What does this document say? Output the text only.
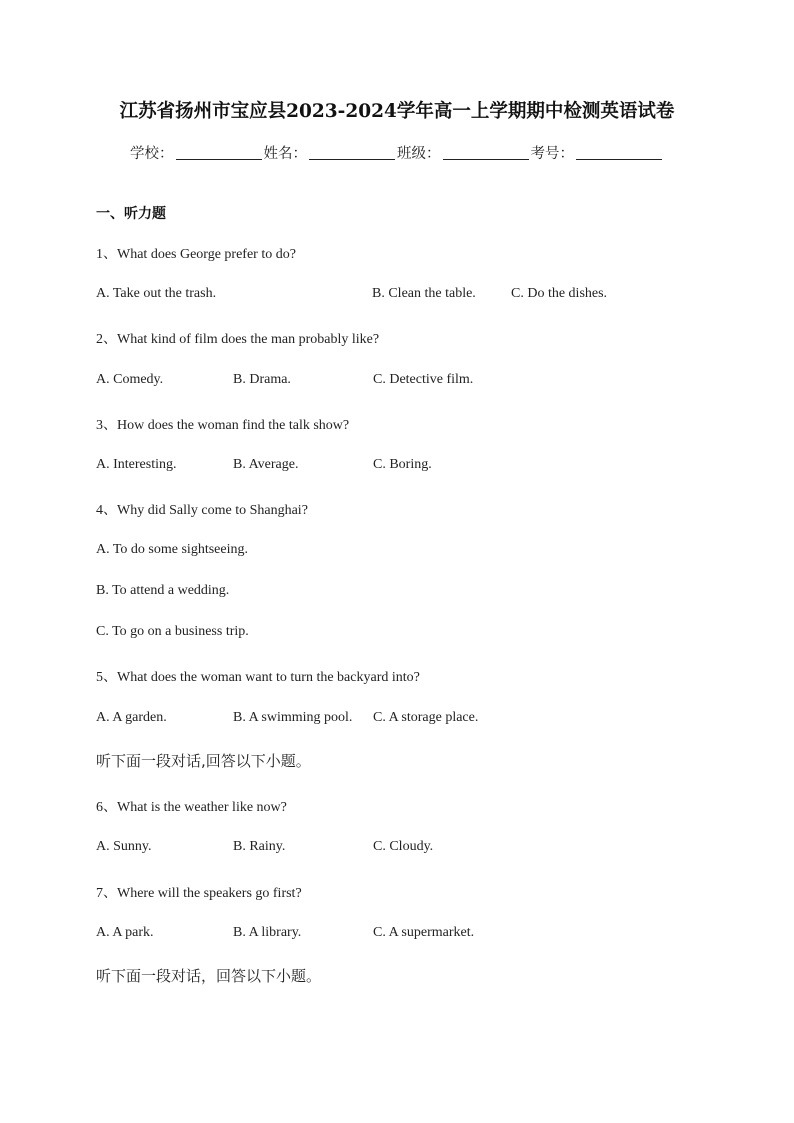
江苏省扬州市宝应县2023-2024学年高一上学期期中检测英语试卷
学校：	姓名：	班级：	考号：
一、听力题
1、What does George prefer to do?
A. Take out the trash.	B. Clean the table.	C. Do the dishes.
2、What kind of film does the man probably like?
A. Comedy.	B. Drama.	C. Detective film.
3、How does the woman find the talk show?
A. Interesting.	B. Average.	C. Boring.
4、Why did Sally come to Shanghai?
A. To do some sightseeing.
B. To attend a wedding.
C. To go on a business trip.
5、What does the woman want to turn the backyard into?
A. A garden.	B. A swimming pool. C. A storage place.
听下面一段对话,回答以下小题。
6、What is the weather like now?
A. Sunny.	B. Rainy.	C. Cloudy.
7、Where will the speakers go first?
A. A park.	B. A library.	C. A supermarket.
听下面一段对话，回答以下小题。
